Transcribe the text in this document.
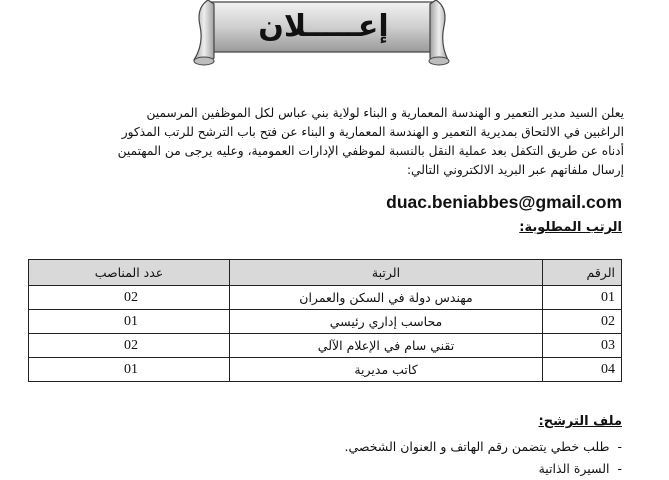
إعـــــلان
يعلن السيد مدير التعمير و الهندسة المعمارية و البناء لولاية بني عباس لكل الموظفين المرسمين
الراغبين في الالتحاق بمديرية التعمير و الهندسة المعمارية و البناء عن فتح باب الترشح للرتب المذكور
أدناه عن طريق التكفل بعد عملية النقل بالنسبة لموظفي الإدارات العمومية، وعليه يرجى من المهتمين
إرسال ملفاتهم عبر البريد الالكتروني التالي:
duac.beniabbes@gmail.com
الرتب المطلوبة:
الرقم	الرتبة	عدد المناصب
01	مهندس دولة في السكن والعمران	02
02	محاسب إداري رئيسي	01
03	تقني سام في الإعلام الآلي	02
04	كاتب مديرية	01
ملف الترشح:
-طلب خطي يتضمن رقم الهاتف و العنوان الشخصي.
-السيرة الذاتية
